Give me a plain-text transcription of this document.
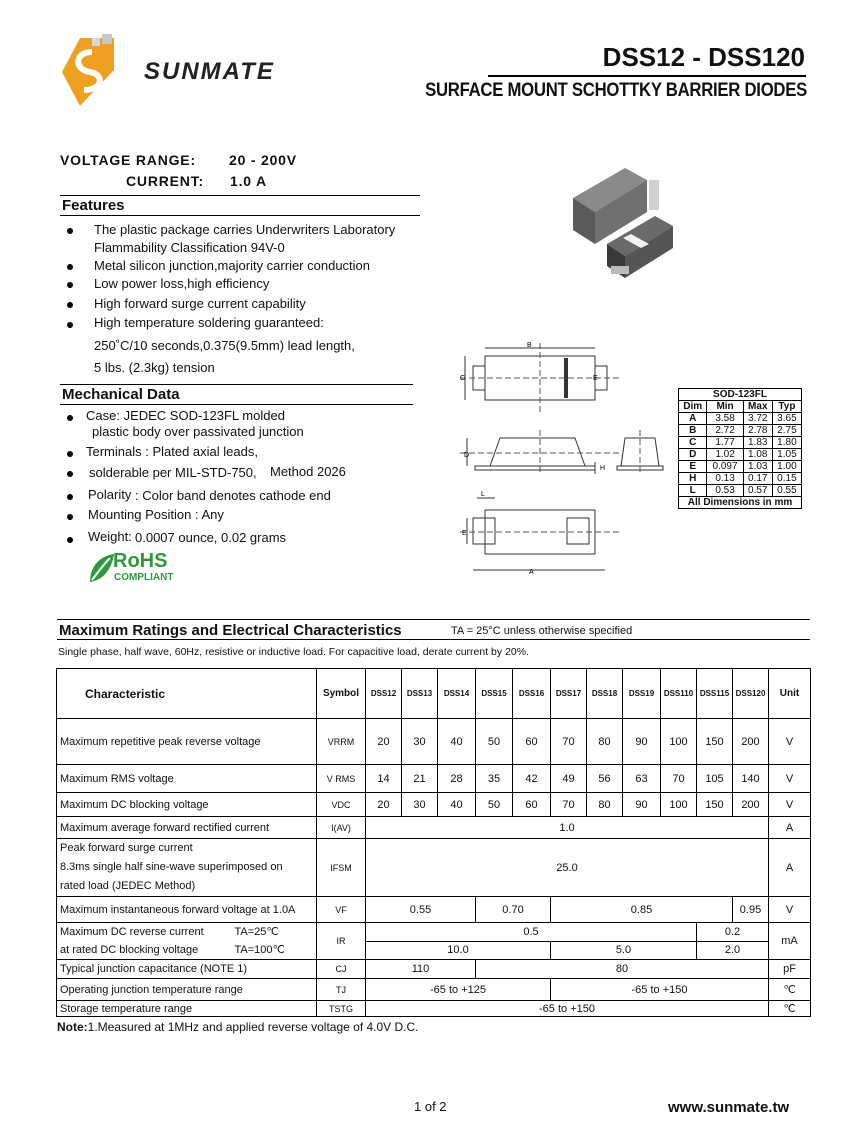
SUNMATE	DSS12 - DSS120
SURFACE MOUNT SCHOTTKY BARRIER DIODES
VOLTAGE RANGE: 20 - 200V
CURRENT: 1.0 A
Features
The plastic package carries Underwriters Laboratory
Flammability Classification 94V-0
Metal silicon junction,majority carrier conduction
Low power loss,high efficiency
High forward surge current capability
High temperature soldering guaranteed:
250˚C/10 seconds,0.375(9.5mm) lead length,
5 lbs. (2.3kg) tension
Mechanical Data
Case: JEDEC SOD-123FL molded
plastic body over passivated junction
Terminals : Plated axial leads,
solderable per MIL-STD-750, Method 2026
Polarity : Color band denotes cathode end
Mounting Position : Any
Weight: 0.0007 ounce, 0.02 grams
RoHS
COMPLIANT
B
C	E
D
H
L
E
A
SOD-123FL			
Dim	Min	Max	Typ
A	3.58	3.72	3.65
B	2.72	2.78	2.75
C	1.77	1.83	1.80
D	1.02	1.08	1.05
E	0.097	1.03	1.00
H	0.13	0.17	0.15
L	0.53	0.57	0.55
All Dimensions in mm			
Maximum Ratings and Electrical Characteristics	TA = 25°C unless otherwise specified
Single phase, half wave, 60Hz, resistive or inductive load. For capacitive load, derate current by 20%.
Characteristic	Symbol	DSS12	DSS13	DSS14	DSS15	DSS16	DSS17	DSS18	DSS19	DSS110	DSS115	DSS120	Unit
Maximum repetitive peak reverse voltage	VRRM	20	30	40	50	60	70	80	90	100	150	200	V
Maximum RMS voltage	V RMS	14	21	28	35	42	49	56	63	70	105	140	V
Maximum DC blocking voltage	VDC	20	30	40	50	60	70	80	90	100	150	200	V
Maximum average forward rectified current	I(AV)	1.0											A

Peak forward surge current
8.3ms single half sine-wave superimposed on
rated load (JEDEC Method)	IFSM	25.0											A
Maximum instantaneous forward voltage at 1.0A	VF	0.55			0.70		0.85					0.95	V

Maximum DC reverse current TA=25℃
at rated DC blocking voltage TA=100℃	IR	0.5									0.2		mA
		10.0					5.0				2.0		
Typical junction capacitance (NOTE 1)	CJ	110			80								pF
Operating junction temperature range	TJ	-65 to +125					-65 to +150						℃
Storage temperature range	TSTG	-65 to +150											℃
Note:1.Measured at 1MHz and applied reverse voltage of 4.0V D.C.
1 of 2	www.sunmate.tw
